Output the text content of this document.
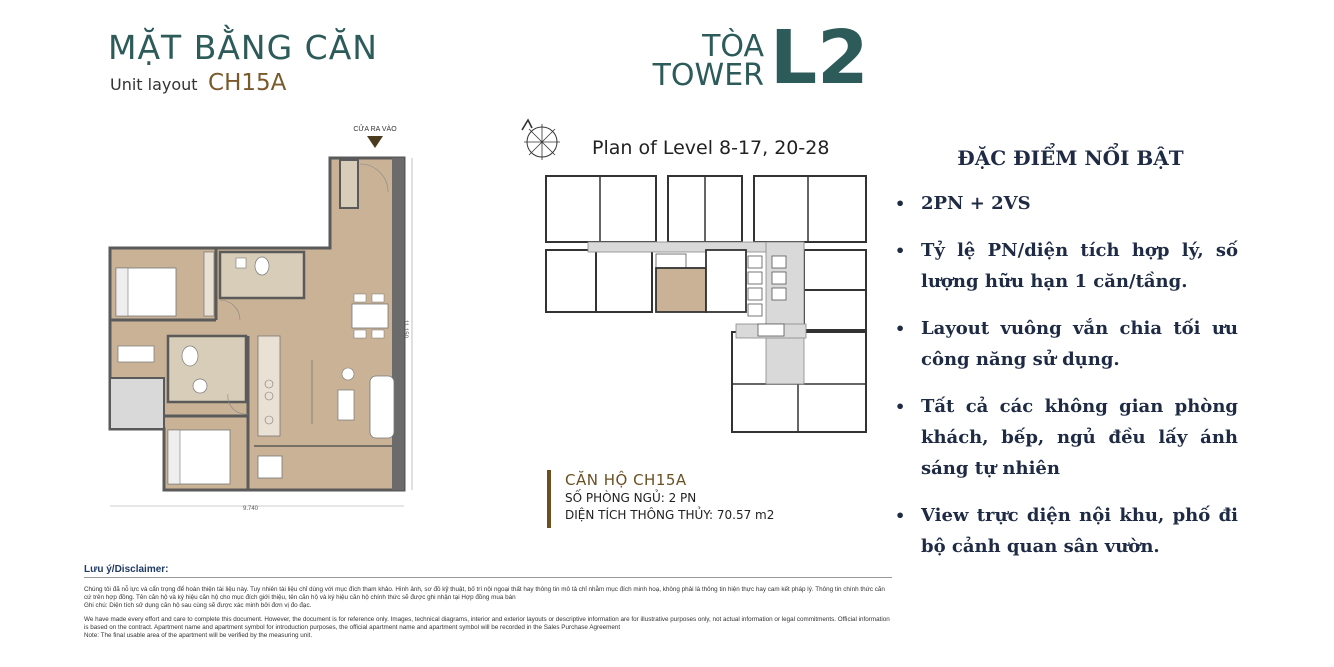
MẶT BẰNG CĂN
Unit layout CH15A
TÒA
TOWER L2
CỬA RA VÀO
9.740
11.150
Plan of Level 8-17, 20-28
CĂN HỘ CH15A
SỐ PHÒNG NGỦ: 2 PN
DIỆN TÍCH THÔNG THỦY: 70.57 m2
ĐẶC ĐIỂM NỔI BẬT
• 2PN + 2VS
• Tỷ lệ PN/diện tích hợp lý, số lượng hữu hạn 1 căn/tầng.
• Layout vuông vắn chia tối ưu công năng sử dụng.
• Tất cả các không gian phòng khách, bếp, ngủ đều lấy ánh sáng tự nhiên
• View trực diện nội khu, phố đi bộ cảnh quan sân vườn.
Lưu ý/Disclaimer:

Chúng tôi đã nỗ lực và cẩn trọng để hoàn thiện tài liệu này. Tuy nhiên tài liệu chỉ dùng với mục đích tham khảo. Hình ảnh, sơ đồ kỹ thuật, bố trí nội ngoại thất hay thông tin mô tả chỉ nhằm mục đích minh hoạ, không phải là thông tin hiện thực hay cam kết pháp lý. Thông tin chính thức căn cứ trên hợp đồng. Tên căn hộ và ký hiệu căn hộ cho mục đích giới thiệu, tên căn hộ và ký hiệu căn hộ chính thức sẽ được ghi nhận tại Hợp đồng mua bán

Ghi chú: Diện tích sử dụng căn hộ sau cùng sẽ được xác minh bởi đơn vị đo đạc.

We have made every effort and care to complete this document. However, the document is for reference only. Images, technical diagrams, interior and exterior layouts or descriptive information are for illustrative purposes only, not actual information or legal commitments. Official information is based on the contract. Apartment name and apartment symbol for introduction purposes, the official apartment name and apartment symbol will be recorded in the Sales Purchase Agreement

Note: The final usable area of the apartment will be verified by the measuring unit.
